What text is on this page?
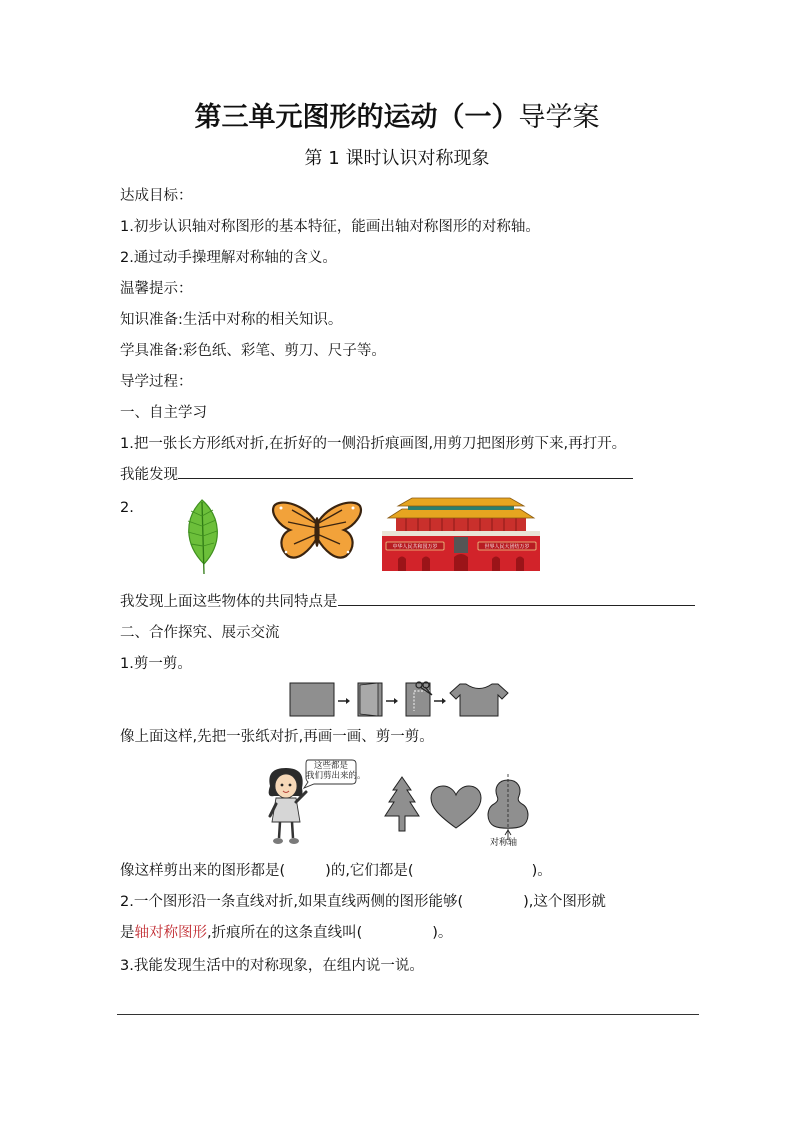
第三单元图形的运动（一）导学案
第 1 课时认识对称现象
达成目标：
1.初步认识轴对称图形的基本特征，能画出轴对称图形的对称轴。
2.通过动手操理解对称轴的含义。
温馨提示：
知识准备:生活中对称的相关知识。
学具准备:彩色纸、彩笔、剪刀、尺子等。
导学过程：
一、自主学习
1.把一张长方形纸对折,在折好的一侧沿折痕画图,用剪刀把图形剪下来,再打开。
我能发现
2.
中华人民共和国万岁	世界人民大团结万岁
我发现上面这些物体的共同特点是
二、合作探究、展示交流
1.剪一剪。
像上面这样,先把一张纸对折,再画一画、剪一剪。
这些都是
我们剪出来的。
对称轴
像这样剪出来的图形都是(	)的,它们都是(	)。
2.一个图形沿一条直线对折,如果直线两侧的图形能够(	),这个图形就
是轴对称图形,折痕所在的这条直线叫(	)。
3.我能发现生活中的对称现象，在组内说一说。
